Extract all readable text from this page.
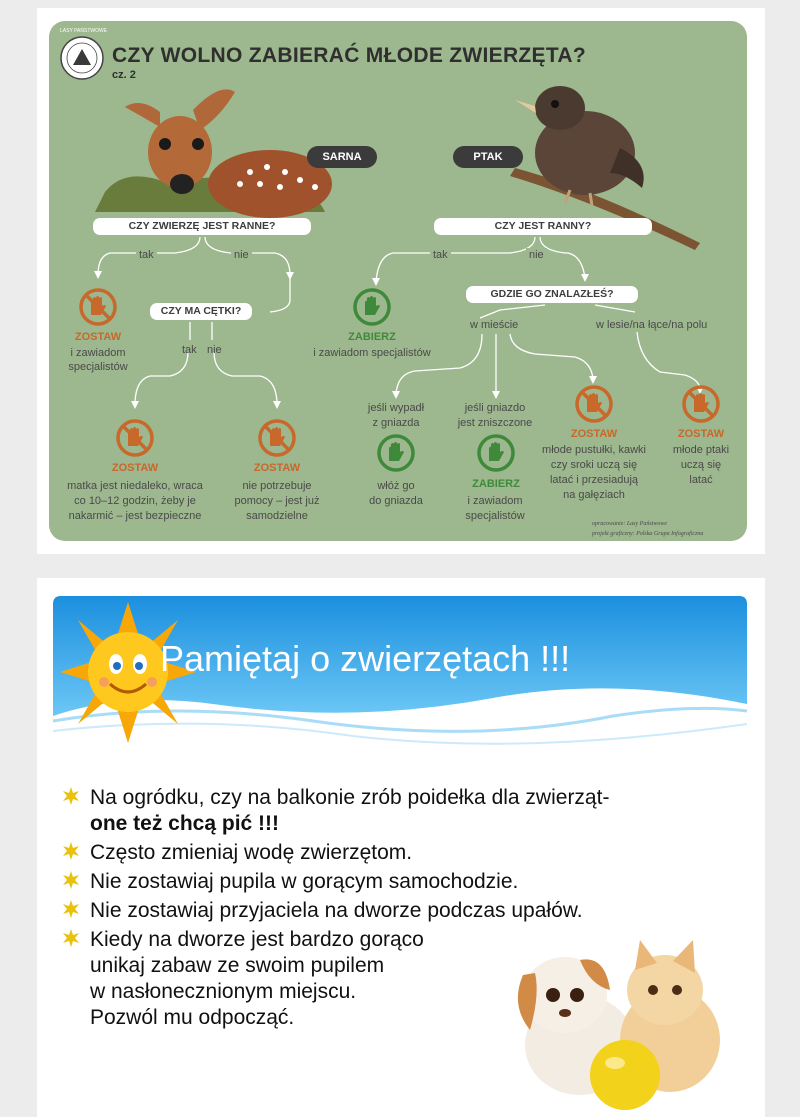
LASY PAŃSTWOWE
CZY WOLNO ZABIERAĆ MŁODE ZWIERZĘTA?
cz. 2
SARNA	PTAK
CZY ZWIERZĘ JEST RANNE?	CZY JEST RANNY?
CZY MA CĘTKI?
GDZIE GO ZNALAZŁEŚ?
tak	nie
tak nie
tak	nie
w mieście	w lesie/na łące/na polu
ZOSTAW
i zawiadom
specjalistów
ZOSTAW
matka jest niedaleko, wraca
co 10–12 godzin, żeby je
nakarmić – jest bezpieczne
ZOSTAW
nie potrzebuje
pomocy – jest już
samodzielne
ZABIERZ
i zawiadom specjalistów
jeśli wypadł
z gniazda
jeśli gniazdo
jest zniszczone
włóż go
do gniazda
ZABIERZ
i zawiadom
specjalistów
ZOSTAW
młode pustułki, kawki
czy sroki uczą się
latać i przesiadują
na gałęziach
ZOSTAW
młode ptaki
uczą się
latać
opracowanie: Lasy Państwowe
projekt graficzny: Polska Grupa Infograficzna
Pamiętaj o zwierzętach !!!
Na ogródku, czy na balkonie zrób poidełka dla zwierząt-
one też chcą pić !!!
Często zmieniaj wodę zwierzętom.
Nie zostawiaj pupila w gorącym samochodzie.
Nie zostawiaj przyjaciela na dworze podczas upałów.
Kiedy na dworze jest bardzo gorąco
unikaj zabaw ze swoim pupilem
w nasłonecznionym miejscu.
Pozwól mu odpocząć.
